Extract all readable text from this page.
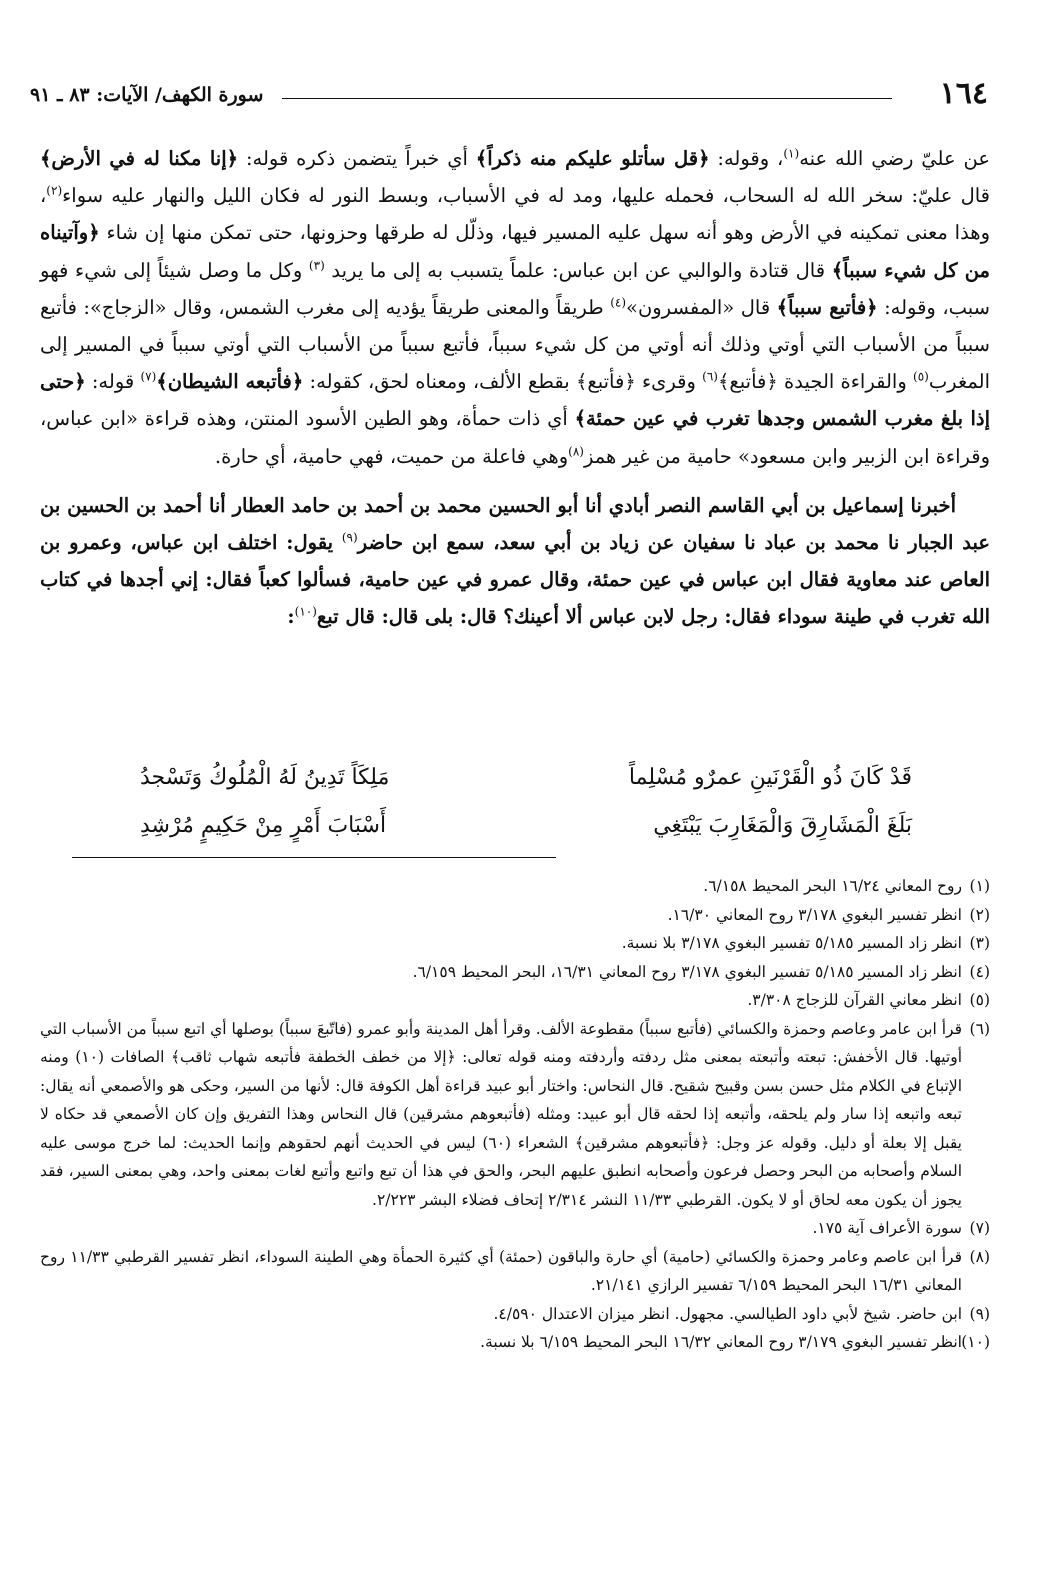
١٦٤
سورة الكهف/ الآيات: ٨٣ ـ ٩١

عن عليّ رضي الله عنه$^{(١)}$، وقوله: ﴿قل سأتلو عليكم منه ذكراً﴾ أي خبراً يتضمن ذكره قوله: ﴿إنا مكنا له في الأرض﴾ قال عليّ: سخر الله له السحاب، فحمله عليها، ومد له في الأسباب، وبسط النور له فكان الليل والنهار عليه سواء$^{(٢)}$، وهذا معنى تمكينه في الأرض وهو أنه سهل عليه المسير فيها، وذلّل له طرقها وحزونها، حتى تمكن منها إن شاء ﴿وآتيناه من كل شيء سبباً﴾ قال قتادة والوالبي عن ابن عباس: علماً يتسبب به إلى ما يريد $^{(٣)}$ وكل ما وصل شيئاً إلى شيء فهو سبب، وقوله: ﴿فأتبع سبباً﴾ قال «المفسرون»$^{(٤)}$ طريقاً والمعنى طريقاً يؤديه إلى مغرب الشمس، وقال «الزجاج»: فأتبع سبباً من الأسباب التي أوتي وذلك أنه أوتي من كل شيء سبباً، فأتبع سبباً من الأسباب التي أوتي سبباً في المسير إلى المغرب$^{(٥)}$ والقراءة الجيدة ﴿فأتبع﴾$^{(٦)}$ وقرىء ﴿فأتبع﴾ بقطع الألف، ومعناه لحق، كقوله: ﴿فأتبعه الشيطان﴾$^{(٧)}$ قوله: ﴿حتى إذا بلغ مغرب الشمس وجدها تغرب في عين حمئة﴾ أي ذات حمأة، وهو الطين الأسود المنتن، وهذه قراءة «ابن عباس، وقراءة ابن الزبير وابن مسعود» حامية من غير همز$^{(٨)}$وهي فاعلة من حميت، فهي حامية، أي حارة.

أخبرنا إسماعيل بن أبي القاسم النصر أبادي أنا أبو الحسين محمد بن أحمد بن حامد العطار أنا أحمد بن الحسين بن عبد الجبار نا محمد بن عباد نا سفيان عن زياد بن أبي سعد، سمع ابن حاضر$^{(٩)}$ يقول: اختلف ابن عباس، وعمرو بن العاص عند معاوية فقال ابن عباس في عين حمئة، وقال عمرو في عين حامية، فسألوا كعباً فقال: إني أجدها في كتاب الله تغرب في طينة سوداء فقال: رجل لابن عباس ألا أعينك؟ قال: بلى قال: قال تبع$^{(١٠)}$:

قَدْ كَانَ ذُو الْقَرْنَينِ عمرٌو مُسْلِماً
مَلِكَاً تَدِينُ لَهُ الْمُلُوكُ وَتَسْجدُ
بَلَغَ الْمَشَارِقَ وَالْمَغَارِبَ يَبْتَغِي
أَسْبَابَ أَمْرٍ مِنْ حَكِيمٍ مُرْشِدِ

(١)
روح المعاني ١٦/٢٤ البحر المحيط ٦/١٥٨.

(٢)
انظر تفسير البغوي ٣/١٧٨ روح المعاني ١٦/٣٠.

(٣)
انظر زاد المسير ٥/١٨٥ تفسير البغوي ٣/١٧٨ بلا نسبة.

(٤)
انظر زاد المسير ٥/١٨٥ تفسير البغوي ٣/١٧٨ روح المعاني ١٦/٣١، البحر المحيط ٦/١٥٩.

(٥)
انظر معاني القرآن للزجاج ٣/٣٠٨.

(٦)
قرأ ابن عامر وعاصم وحمزة والكسائي (فأتبع سبباً) مقطوعة الألف. وقرأ أهل المدينة وأبو عمرو (فاتّبعَ سبباً) بوصلها أي اتبع سبباً من الأسباب التي أوتيها. قال الأخفش: تبعته وأتبعته بمعنى مثل ردفته وأردفته ومنه قوله تعالى: ﴿إلا من خطف الخطفة فأتبعه شهاب ثاقب﴾ الصافات (١٠) ومنه الإتباع في الكلام مثل حسن بسن وقبيح شقيح. قال النحاس: واختار أبو عبيد قراءة أهل الكوفة قال: لأنها من السير، وحكى هو والأصمعي أنه يقال: تبعه واتبعه إذا سار ولم يلحقه، وأتبعه إذا لحقه قال أبو عبيد: ومثله (فأتبعوهم مشرقين) قال النحاس وهذا التفريق وإن كان الأصمعي قد حكاه لا يقبل إلا بعلة أو دليل. وقوله عز وجل: ﴿فأتبعوهم مشرقين﴾ الشعراء (٦٠) ليس في الحديث أنهم لحقوهم وإنما الحديث: لما خرج موسى عليه السلام وأصحابه من البحر وحصل فرعون وأصحابه انطبق عليهم البحر، والحق في هذا أن تبع واتبع وأتبع لغات بمعنى واحد، وهي بمعنى السير، فقد يجوز أن يكون معه لحاق أو لا يكون. القرطبي ١١/٣٣ النشر ٢/٣١٤ إتحاف فضلاء البشر ٢/٢٢٣.

(٧)
سورة الأعراف آية ١٧٥.

(٨)
قرأ ابن عاصم وعامر وحمزة والكسائي (حامية) أي حارة والباقون (حمئة) أي كثيرة الحمأة وهي الطينة السوداء، انظر تفسير القرطبي ١١/٣٣ روح المعاني ١٦/٣١ البحر المحيط ٦/١٥٩ تفسير الرازي ٢١/١٤١.

(٩)
ابن حاضر. شيخ لأبي داود الطيالسي. مجهول. انظر ميزان الاعتدال ٤/٥٩٠.

(١٠)
انظر تفسير البغوي ٣/١٧٩ روح المعاني ١٦/٣٢ البحر المحيط ٦/١٥٩ بلا نسبة.
